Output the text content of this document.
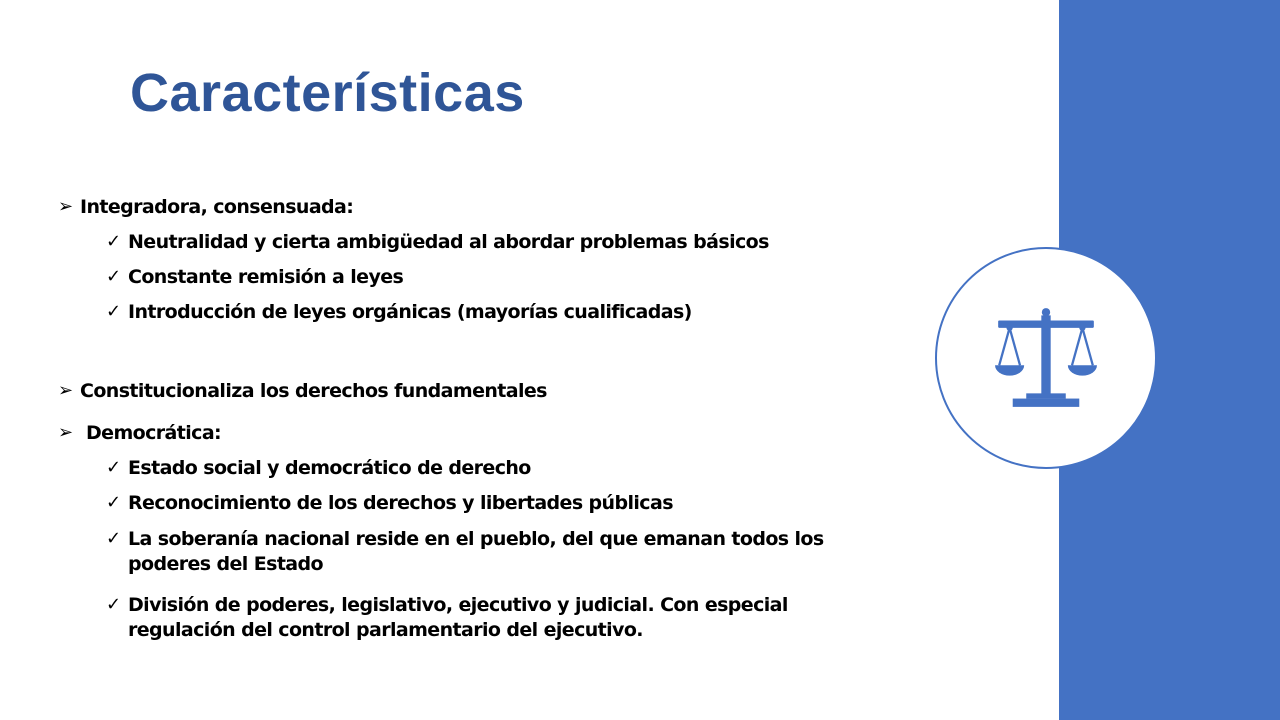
Características
➢ Integradora, consensuada:
✓ Neutralidad y cierta ambigüedad al abordar problemas básicos
✓ Constante remisión a leyes
✓ Introducción de leyes orgánicas (mayorías cualificadas)
➢ Constitucionaliza los derechos fundamentales
➢ Democrática:
✓ Estado social y democrático de derecho
✓ Reconocimiento de los derechos y libertades públicas
✓ La soberanía nacional reside en el pueblo, del que emanan todos los poderes del Estado
✓ División de poderes, legislativo, ejecutivo y judicial. Con especial regulación del control parlamentario del ejecutivo.
